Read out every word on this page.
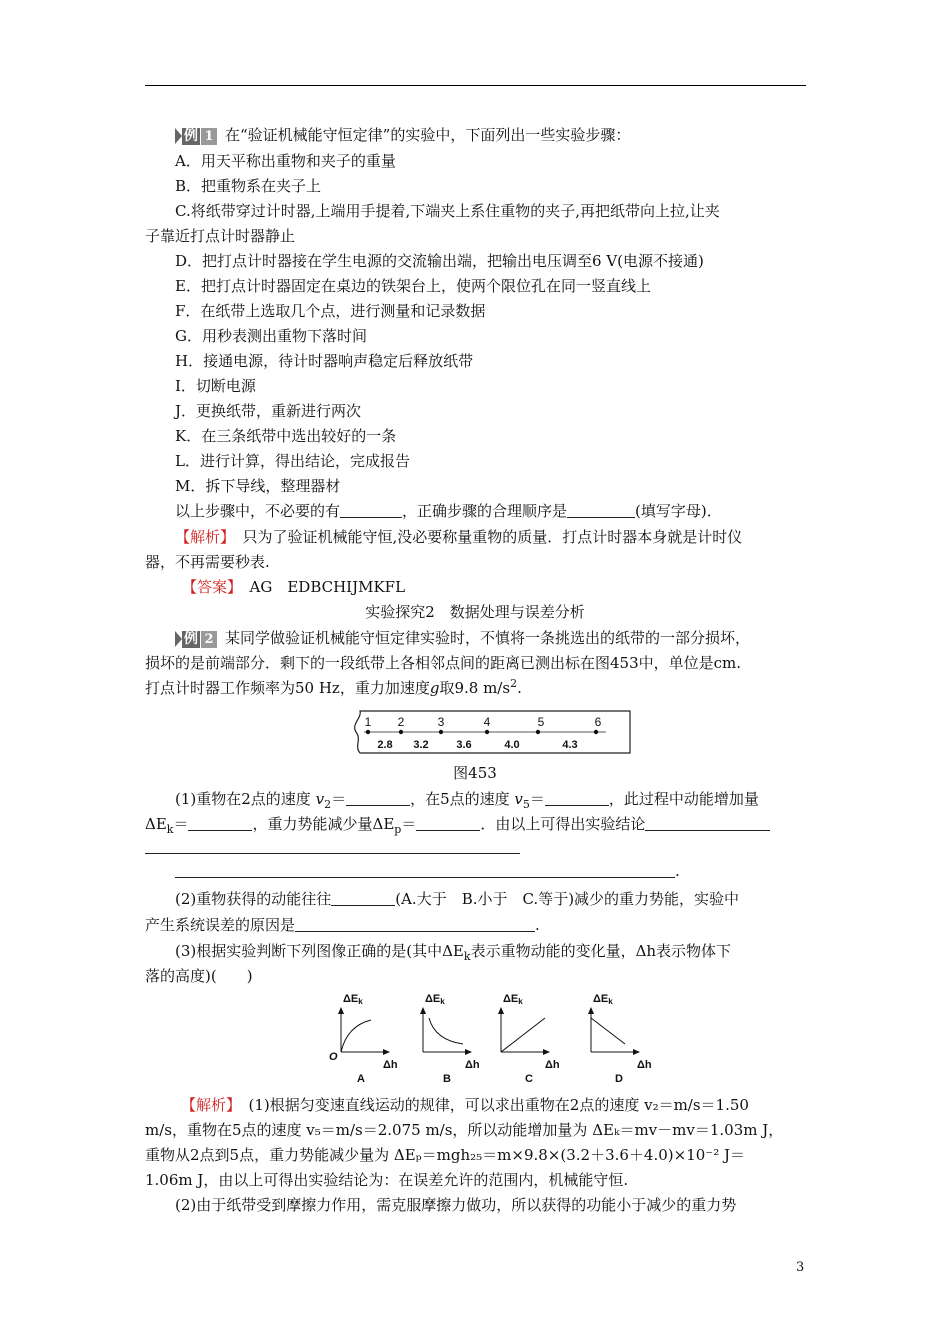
例 1 在“验证机械能守恒定律”的实验中，下面列出一些实验步骤：
A．用天平称出重物和夹子的重量
B．把重物系在夹子上
C.将纸带穿过计时器,上端用手提着,下端夹上系住重物的夹子,再把纸带向上拉,让夹
子靠近打点计时器静止
D．把打点计时器接在学生电源的交流输出端，把输出电压调至6 V(电源不接通)
E．把打点计时器固定在桌边的铁架台上，使两个限位孔在同一竖直线上
F．在纸带上选取几个点，进行测量和记录数据
G．用秒表测出重物下落时间
H．接通电源，待计时器响声稳定后释放纸带
I．切断电源
J．更换纸带，重新进行两次
K．在三条纸带中选出较好的一条
L．进行计算，得出结论，完成报告
M．拆下导线，整理器材
以上步骤中，不必要的有	，正确步骤的合理顺序是	(填写字母)．
【解析】　 只为了验证机械能守恒,没必要称量重物的质量．打点计时器本身就是计时仪
器，不再需要秒表.
【答案】　 AG　EDBCHIJMKFL
实验探究2　数据处理与误差分析
例 2 某同学做验证机械能守恒定律实验时，不慎将一条挑选出的纸带的一部分损坏，
损坏的是前端部分．剩下的一段纸带上各相邻点间的距离已测出标在图453中，单位是cm.
打点计时器工作频率为50 Hz，重力加速度g取9.8 $m/s^2$.
1 2	3	4	5	6
2.8 3.2	3.6	4.0	4.3
图453
(1)重物在2点的速度 $v_2=$	，在5点的速度 $v_5=$	，此过程中动能增加量
$\Delta E_k=$	，重力势能减少量$\Delta E_p=$	．由以上可得出实验结论
.
(2)重物获得的动能往往	(A.大于　B.小于　C.等于)减少的重力势能，实验中
产生系统误差的原因是	.
(3)根据实验判断下列图像正确的是(其中$\Delta E_k$表示重物动能的变化量，Δh表示物体下
落的高度)(　　)
ΔEk
O
Δh
A
ΔEk
Δh
B
ΔEk
Δh
C
ΔEk
Δh
D
【解析】　 (1)根据匀变速直线运动的规律，可以求出重物在2点的速度 v₂＝m/s＝1.50
m/s，重物在5点的速度 v₅＝m/s＝2.075 m/s，所以动能增加量为 ΔEₖ＝mv－mv＝1.03m J，
重物从2点到5点，重力势能减少量为 ΔEₚ＝mgh₂₅＝m×9.8×(3.2＋3.6＋4.0)×10⁻² J＝
1.06m J，由以上可得出实验结论为：在误差允许的范围内，机械能守恒.
(2)由于纸带受到摩擦力作用，需克服摩擦力做功，所以获得的功能小于减少的重力势
3
